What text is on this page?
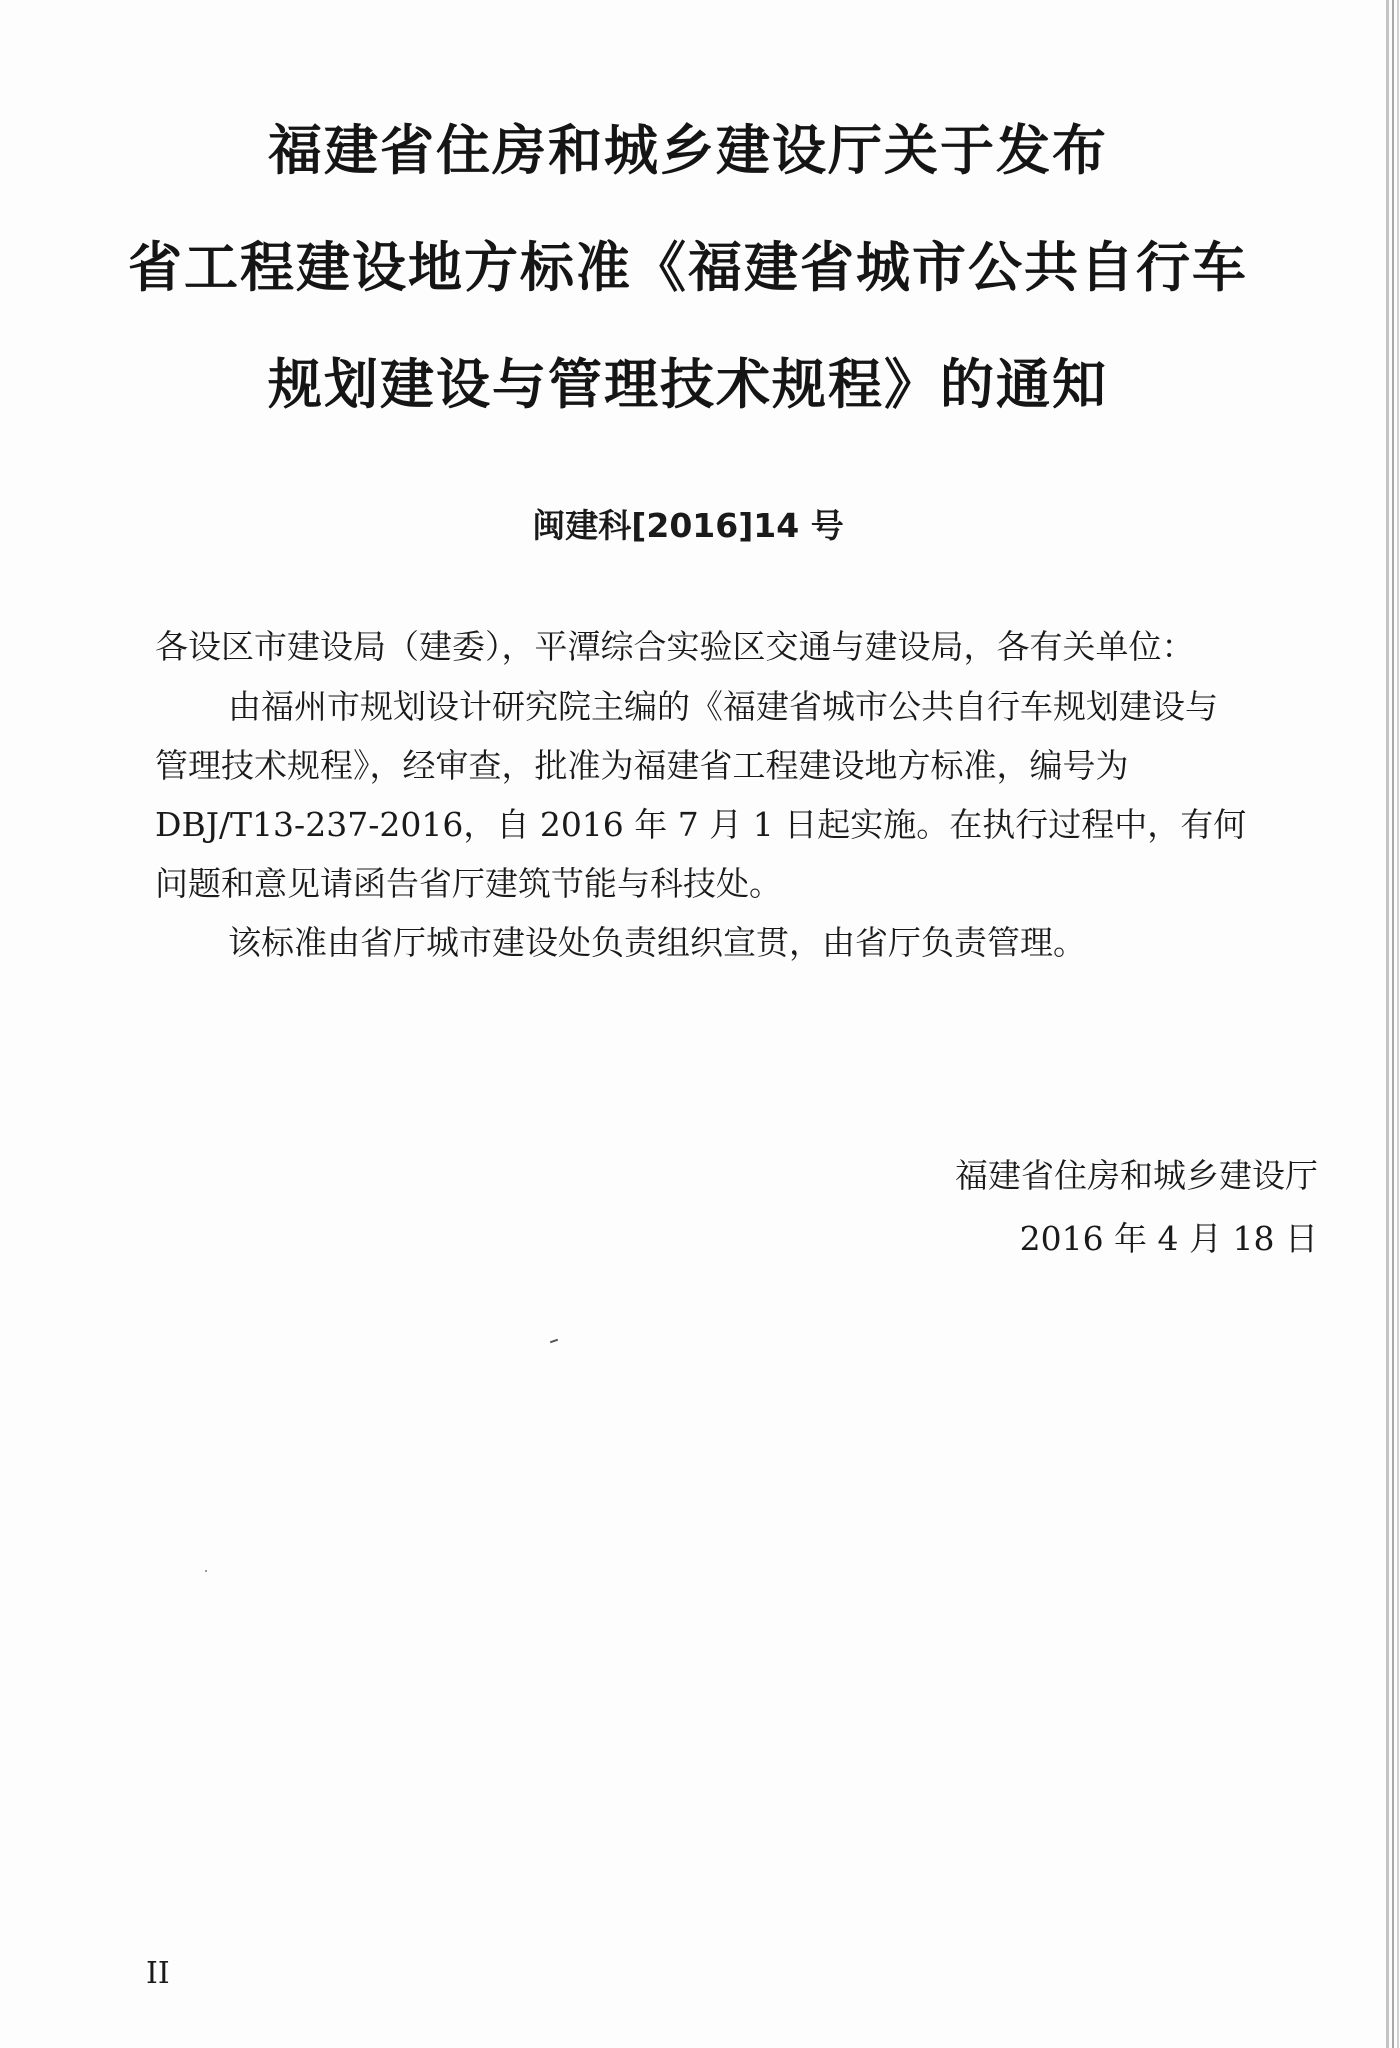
福建省住房和城乡建设厅关于发布
省工程建设地方标准《福建省城市公共自行车
规划建设与管理技术规程》的通知
闽建科[2016]14 号
各设区市建设局（建委），平潭综合实验区交通与建设局，各有关单位：
由福州市规划设计研究院主编的《福建省城市公共自行车规划建设与
管理技术规程》，经审查，批准为福建省工程建设地方标准，编号为
DBJ/T13-237-2016，自 2016 年 7 月 1 日起实施。在执行过程中，有何
问题和意见请函告省厅建筑节能与科技处。
该标准由省厅城市建设处负责组织宣贯，由省厅负责管理。
福建省住房和城乡建设厅
2016 年 4 月 18 日
II
